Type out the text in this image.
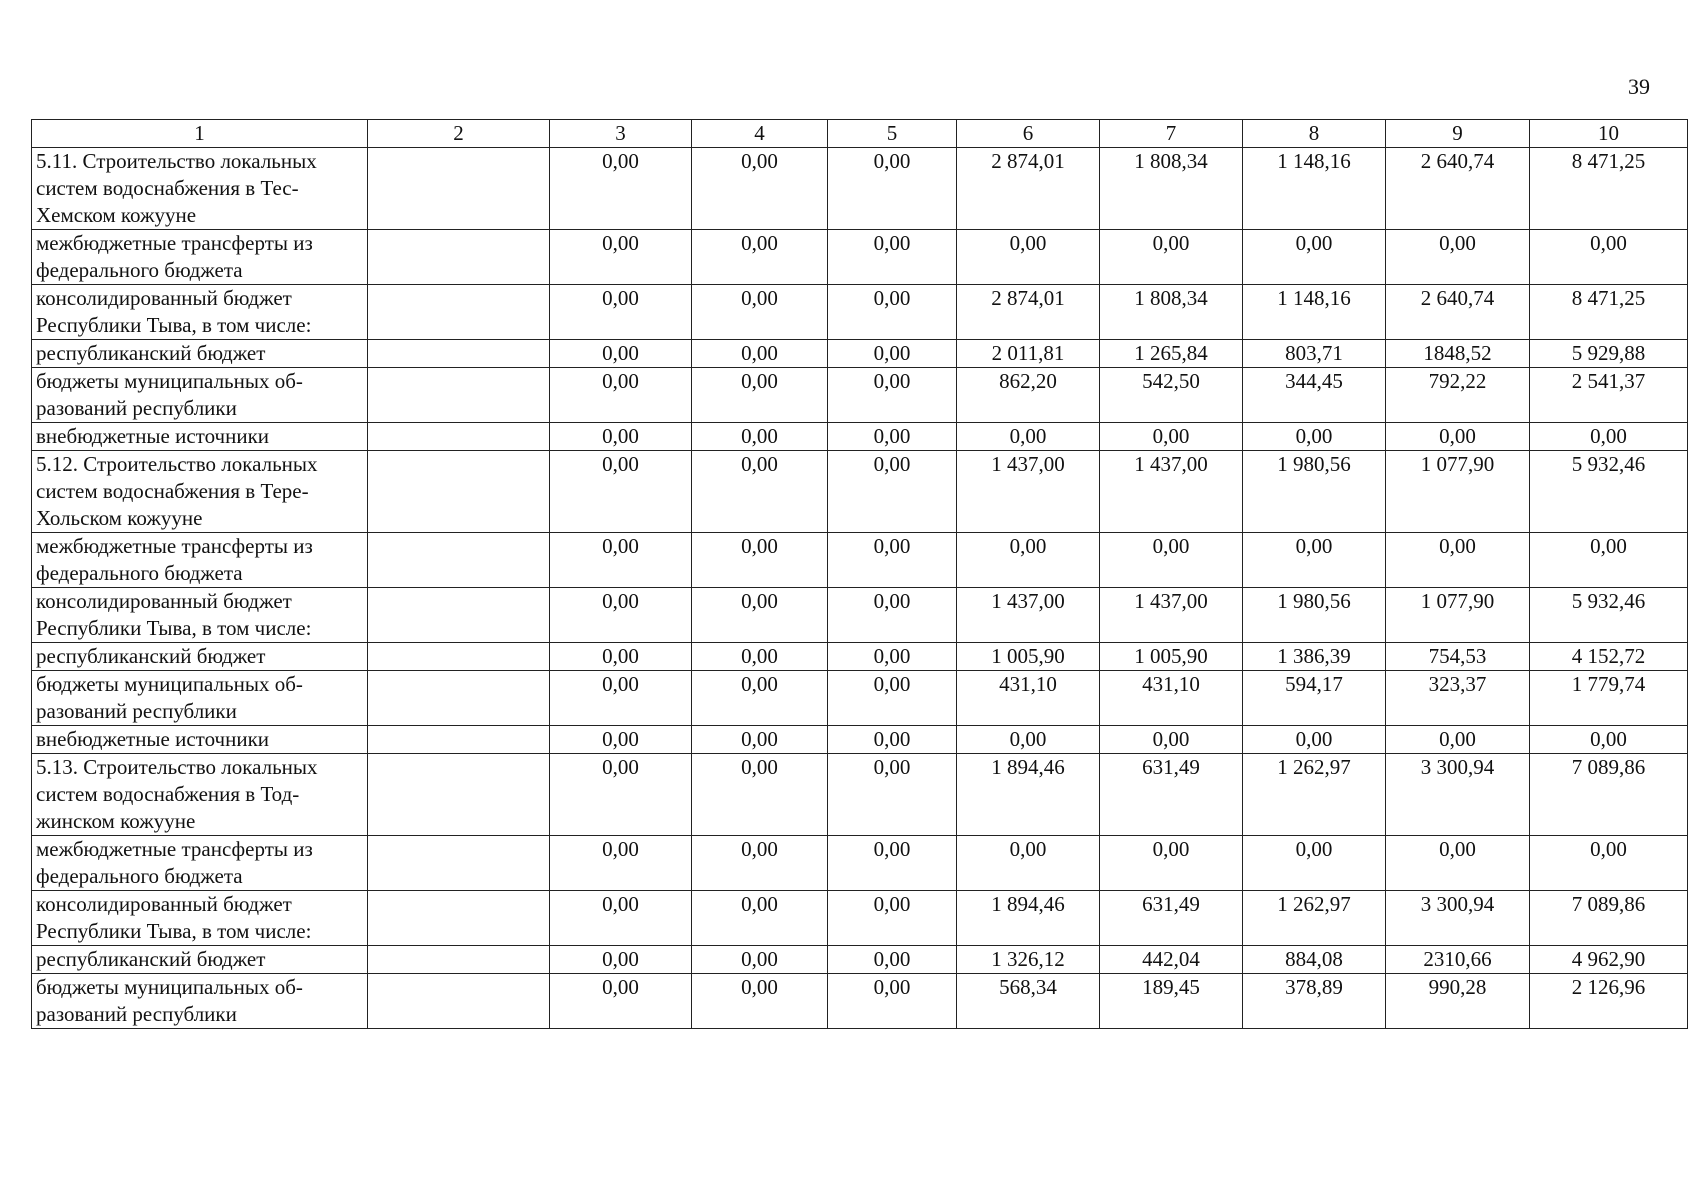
39
1	2	3	4	5	6	7	8	9	10
5.11. Строительство локальных систем водоснабжения в Тес-Хемском кожууне		0,00	0,00	0,00	2 874,01	1 808,34	1 148,16	2 640,74	8 471,25
межбюджетные трансферты из федерального бюджета		0,00	0,00	0,00	0,00	0,00	0,00	0,00	0,00
консолидированный бюджет Республики Тыва, в том числе:		0,00	0,00	0,00	2 874,01	1 808,34	1 148,16	2 640,74	8 471,25
республиканский бюджет		0,00	0,00	0,00	2 011,81	1 265,84	803,71	1848,52	5 929,88
бюджеты муниципальных об-разований республики		0,00	0,00	0,00	862,20	542,50	344,45	792,22	2 541,37
внебюджетные источники		0,00	0,00	0,00	0,00	0,00	0,00	0,00	0,00
5.12. Строительство локальных систем водоснабжения в Тере-Хольском кожууне		0,00	0,00	0,00	1 437,00	1 437,00	1 980,56	1 077,90	5 932,46
межбюджетные трансферты из федерального бюджета		0,00	0,00	0,00	0,00	0,00	0,00	0,00	0,00
консолидированный бюджет Республики Тыва, в том числе:		0,00	0,00	0,00	1 437,00	1 437,00	1 980,56	1 077,90	5 932,46
республиканский бюджет		0,00	0,00	0,00	1 005,90	1 005,90	1 386,39	754,53	4 152,72
бюджеты муниципальных об-разований республики		0,00	0,00	0,00	431,10	431,10	594,17	323,37	1 779,74
внебюджетные источники		0,00	0,00	0,00	0,00	0,00	0,00	0,00	0,00
5.13. Строительство локальных систем водоснабжения в Тод-жинском кожууне		0,00	0,00	0,00	1 894,46	631,49	1 262,97	3 300,94	7 089,86
межбюджетные трансферты из федерального бюджета		0,00	0,00	0,00	0,00	0,00	0,00	0,00	0,00
консолидированный бюджет Республики Тыва, в том числе:		0,00	0,00	0,00	1 894,46	631,49	1 262,97	3 300,94	7 089,86
республиканский бюджет		0,00	0,00	0,00	1 326,12	442,04	884,08	2310,66	4 962,90
бюджеты муниципальных об-разований республики		0,00	0,00	0,00	568,34	189,45	378,89	990,28	2 126,96
